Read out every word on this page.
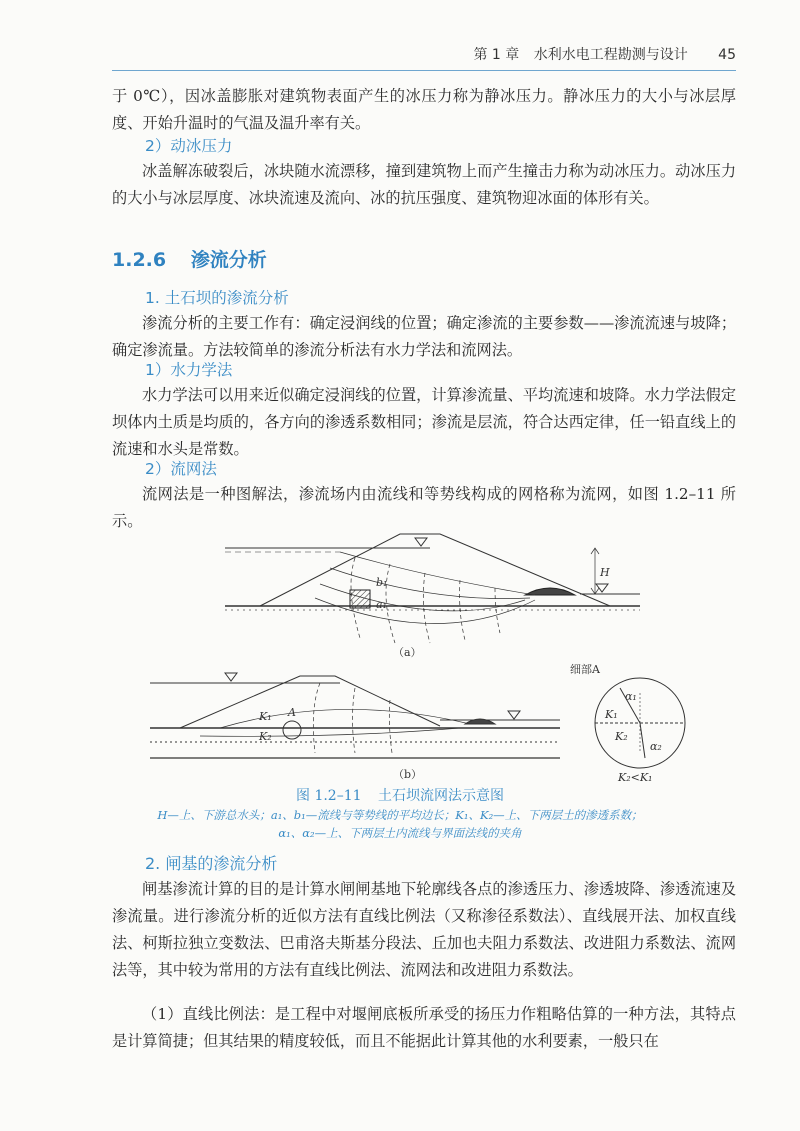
第 1 章 水利水电工程勘测与设计 45

于 0℃），因冰盖膨胀对建筑物表面产生的冰压力称为静冰压力。静冰压力的大小与冰层厚度、开始升温时的气温及温升率有关。

2）动冰压力

冰盖解冻破裂后，冰块随水流漂移，撞到建筑物上而产生撞击力称为动冰压力。动冰压力的大小与冰层厚度、冰块流速及流向、冰的抗压强度、建筑物迎冰面的体形有关。

1.2.6 渗流分析
1. 土石坝的渗流分析

渗流分析的主要工作有：确定浸润线的位置；确定渗流的主要参数——渗流流速与坡降；确定渗流量。方法较简单的渗流分析法有水力学法和流网法。

1）水力学法

水力学法可以用来近似确定浸润线的位置，计算渗流量、平均流速和坡降。水力学法假定坝体内土质是均质的，各方向的渗透系数相同；渗流是层流，符合达西定律，任一铅直线上的流速和水头是常数。

2）流网法

流网法是一种图解法，渗流场内由流线和等势线构成的网格称为流网，如图 1.2–11 所示。

（a）
H
b₁
a₁
K₁
K₂
A
（b）
细部A
α₁
α₂
K₁
K₂
K₂<K₁
图 1.2–11 土石坝流网法示意图
H—上、下游总水头；a₁、b₁—流线与等势线的平均边长；K₁、K₂—上、下两层土的渗透系数；
α₁、α₂—上、下两层土内流线与界面法线的夹角
2. 闸基的渗流分析

闸基渗流计算的目的是计算水闸闸基地下轮廓线各点的渗透压力、渗透坡降、渗透流速及渗流量。进行渗流分析的近似方法有直线比例法（又称渗径系数法）、直线展开法、加权直线法、柯斯拉独立变数法、巴甫洛夫斯基分段法、丘加也夫阻力系数法、改进阻力系数法、流网法等，其中较为常用的方法有直线比例法、流网法和改进阻力系数法。

（1）直线比例法：是工程中对堰闸底板所承受的扬压力作粗略估算的一种方法，其特点是计算简捷；但其结果的精度较低，而且不能据此计算其他的水利要素，一般只在
